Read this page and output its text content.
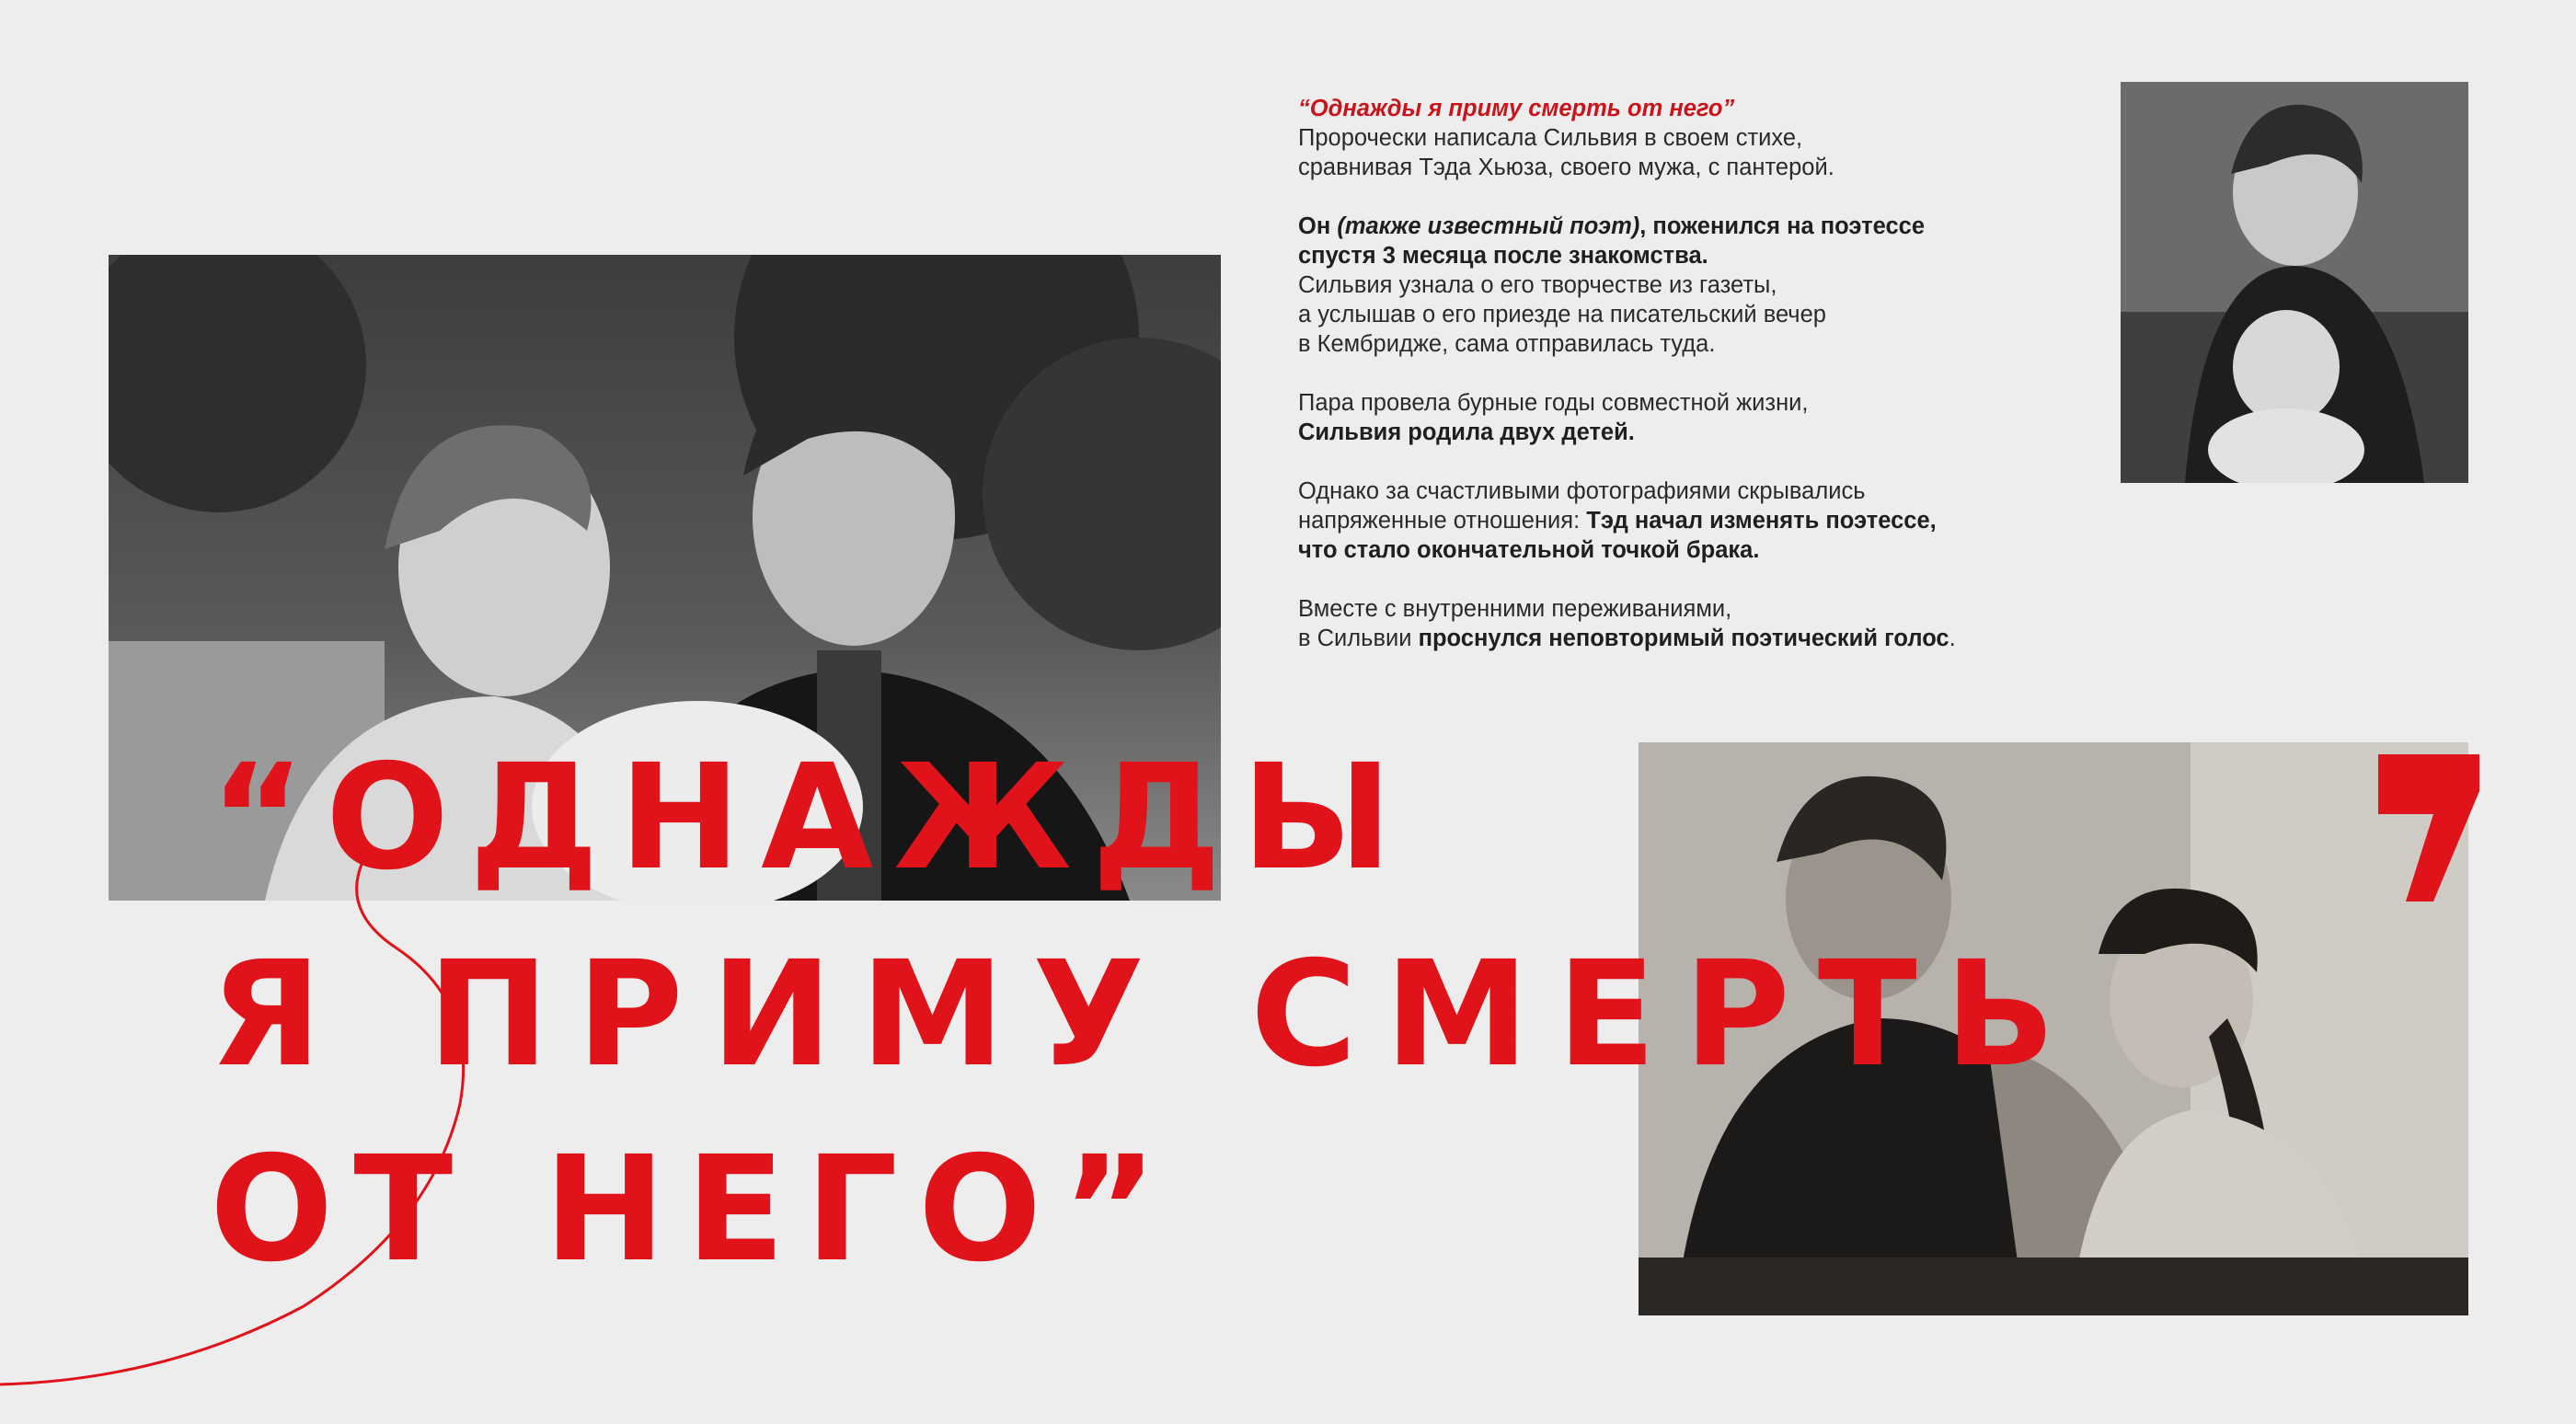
“Однажды я приму смерть от него”
Пророчески написала Сильвия в своем стихе,
сравнивая Тэда Хьюза, своего мужа, с пантерой.

Он (также известный поэт), поженился на поэтессе
спустя 3 месяца после знакомства.
Сильвия узнала о его творчестве из газеты,
а услышав о его приезде на писательский вечер
в Кембридже, сама отправилась туда.

Пара провела бурные годы совместной жизни,
Сильвия родила двух детей.

Однако за счастливыми фотографиями скрывались
напряженные отношения: Тэд начал изменять поэтессе,
что стало окончательной точкой брака.

Вместе с внутренними переживаниями,
в Сильвии проснулся неповторимый поэтический голос.

“ОДНАЖДЫ
Я ПРИМУ СМЕРТЬ
ОТ НЕГО”
